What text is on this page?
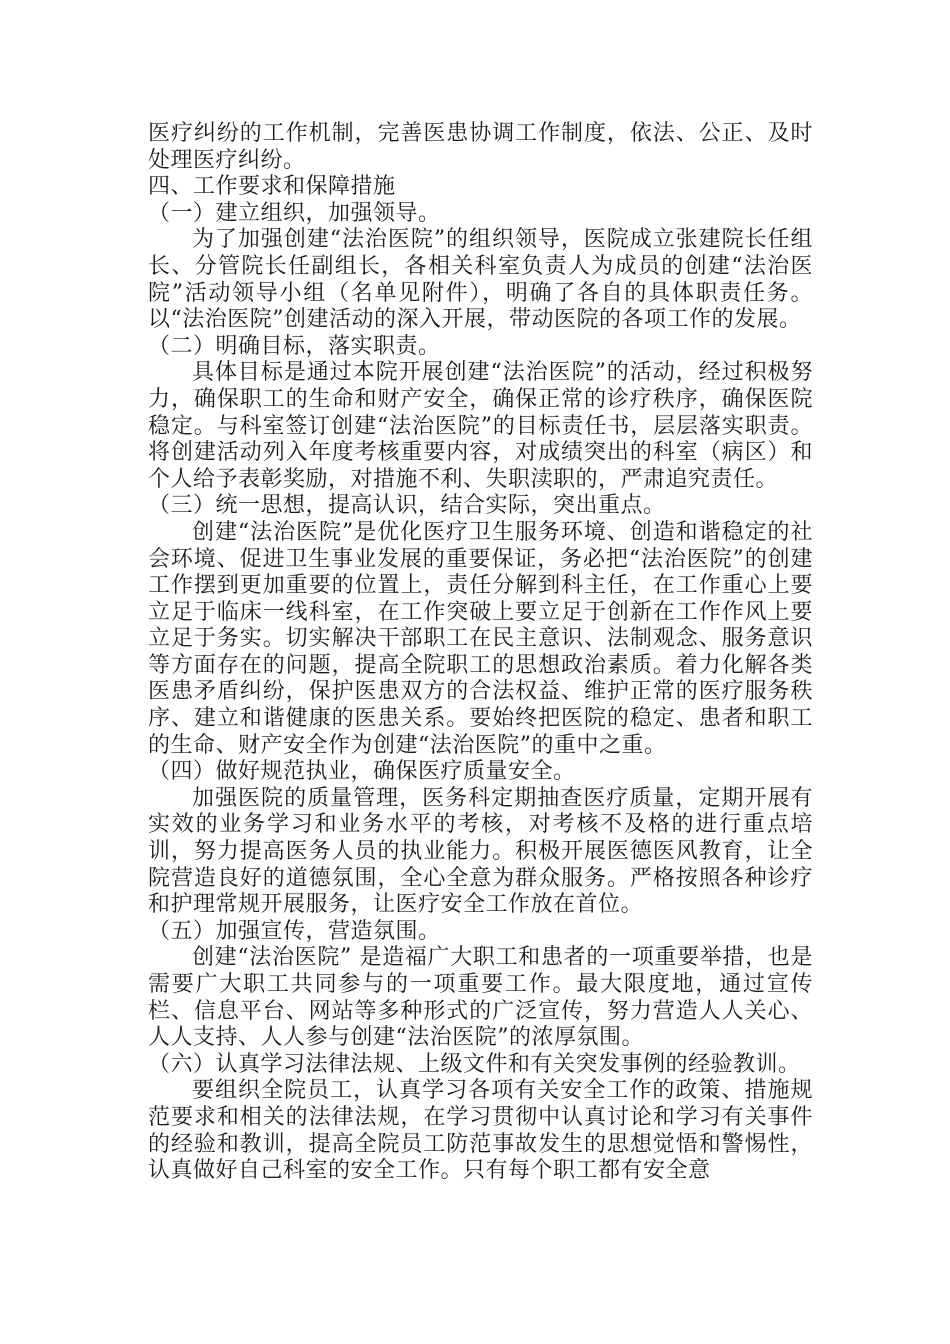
医疗纠纷的工作机制，完善医患协调工作制度，依法、公正、及时处理医疗纠纷。

四、工作要求和保障措施

（一）建立组织，加强领导。

为了加强创建“法治医院”的组织领导，医院成立张建院长任组长、分管院长任副组长，各相关科室负责人为成员的创建“法治医院”活动领导小组（名单见附件），明确了各自的具体职责任务。以“法治医院”创建活动的深入开展，带动医院的各项工作的发展。

（二）明确目标，落实职责。

具体目标是通过本院开展创建“法治医院”的活动，经过积极努力，确保职工的生命和财产安全，确保正常的诊疗秩序，确保医院稳定。与科室签订创建“法治医院”的目标责任书，层层落实职责。将创建活动列入年度考核重要内容，对成绩突出的科室（病区）和个人给予表彰奖励，对措施不利、失职渎职的，严肃追究责任。

（三）统一思想，提高认识，结合实际，突出重点。

创建“法治医院”是优化医疗卫生服务环境、创造和谐稳定的社会环境、促进卫生事业发展的重要保证，务必把“法治医院”的创建工作摆到更加重要的位置上，责任分解到科主任，在工作重心上要立足于临床一线科室，在工作突破上要立足于创新在工作作风上要立足于务实。切实解决干部职工在民主意识、法制观念、服务意识等方面存在的问题，提高全院职工的思想政治素质。着力化解各类医患矛盾纠纷，保护医患双方的合法权益、维护正常的医疗服务秩序、建立和谐健康的医患关系。要始终把医院的稳定、患者和职工的生命、财产安全作为创建“法治医院”的重中之重。

（四）做好规范执业，确保医疗质量安全。

加强医院的质量管理，医务科定期抽查医疗质量，定期开展有实效的业务学习和业务水平的考核，对考核不及格的进行重点培训，努力提高医务人员的执业能力。积极开展医德医风教育，让全院营造良好的道德氛围，全心全意为群众服务。严格按照各种诊疗和护理常规开展服务，让医疗安全工作放在首位。

（五）加强宣传，营造氛围。

创建“法治医院” 是造福广大职工和患者的一项重要举措，也是需要广大职工共同参与的一项重要工作。最大限度地，通过宣传栏、信息平台、网站等多种形式的广泛宣传，努力营造人人关心、人人支持、人人参与创建“法治医院”的浓厚氛围。

（六）认真学习法律法规、上级文件和有关突发事例的经验教训。

要组织全院员工，认真学习各项有关安全工作的政策、措施规范要求和相关的法律法规，在学习贯彻中认真讨论和学习有关事件的经验和教训，提高全院员工防范事故发生的思想觉悟和警惕性，认真做好自己科室的安全工作。只有每个职工都有安全意
